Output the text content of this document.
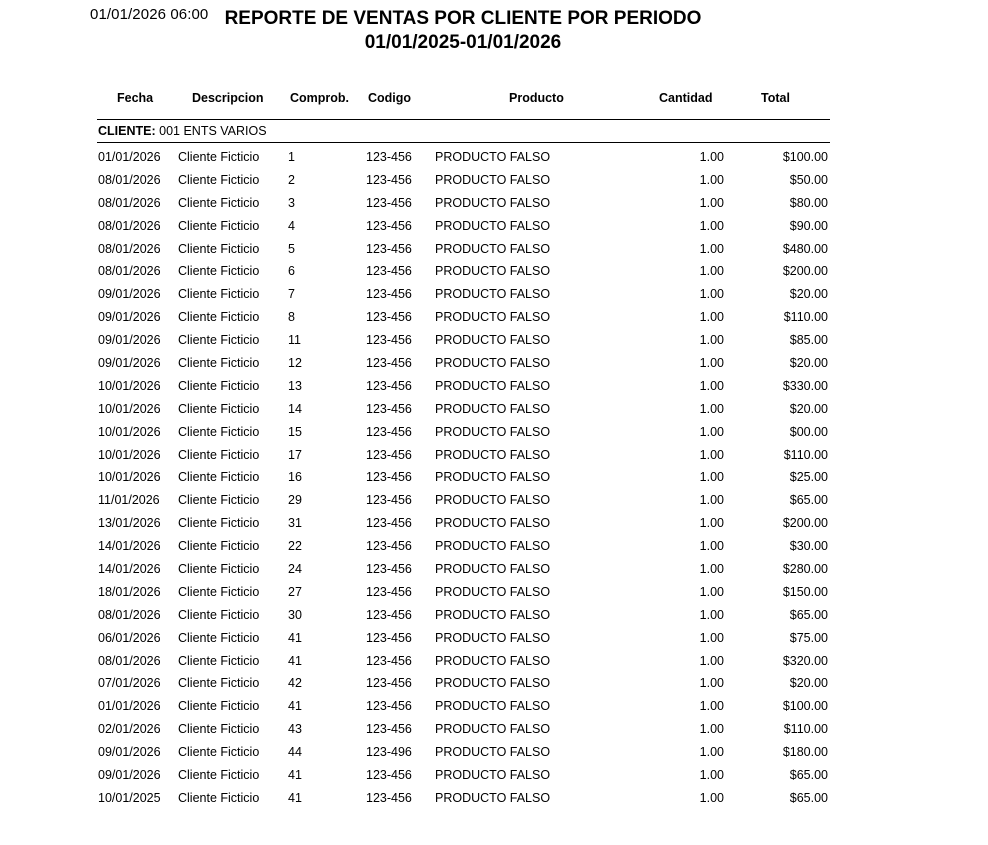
01/01/2026 06:00 REPORTE DE VENTAS POR CLIENTE POR PERIODO
01/01/2025-01/01/2026
Fecha	Descripcion Comprob. Codigo	Producto	Cantidad	Total
CLIENTE: 001 ENTS VARIOS
01/01/2026 Cliente Ficticio 1	123-456 PRODUCTO FALSO	1.00	$100.00
08/01/2026 Cliente Ficticio 2	123-456 PRODUCTO FALSO	1.00	$50.00
08/01/2026 Cliente Ficticio 3	123-456 PRODUCTO FALSO	1.00	$80.00
08/01/2026 Cliente Ficticio 4	123-456 PRODUCTO FALSO	1.00	$90.00
08/01/2026 Cliente Ficticio 5	123-456 PRODUCTO FALSO	1.00	$480.00
08/01/2026 Cliente Ficticio 6	123-456 PRODUCTO FALSO	1.00	$200.00
09/01/2026 Cliente Ficticio 7	123-456 PRODUCTO FALSO	1.00	$20.00
09/01/2026 Cliente Ficticio 8	123-456 PRODUCTO FALSO	1.00	$110.00
09/01/2026 Cliente Ficticio 11	123-456 PRODUCTO FALSO	1.00	$85.00
09/01/2026 Cliente Ficticio 12	123-456 PRODUCTO FALSO	1.00	$20.00
10/01/2026 Cliente Ficticio 13	123-456 PRODUCTO FALSO	1.00	$330.00
10/01/2026 Cliente Ficticio 14	123-456 PRODUCTO FALSO	1.00	$20.00
10/01/2026 Cliente Ficticio 15	123-456 PRODUCTO FALSO	1.00	$00.00
10/01/2026 Cliente Ficticio 17	123-456 PRODUCTO FALSO	1.00	$110.00
10/01/2026 Cliente Ficticio 16	123-456 PRODUCTO FALSO	1.00	$25.00
11/01/2026 Cliente Ficticio 29	123-456 PRODUCTO FALSO	1.00	$65.00
13/01/2026 Cliente Ficticio 31	123-456 PRODUCTO FALSO	1.00	$200.00
14/01/2026 Cliente Ficticio 22	123-456 PRODUCTO FALSO	1.00	$30.00
14/01/2026 Cliente Ficticio 24	123-456 PRODUCTO FALSO	1.00	$280.00
18/01/2026 Cliente Ficticio 27	123-456 PRODUCTO FALSO	1.00	$150.00
08/01/2026 Cliente Ficticio 30	123-456 PRODUCTO FALSO	1.00	$65.00
06/01/2026 Cliente Ficticio 41	123-456 PRODUCTO FALSO	1.00	$75.00
08/01/2026 Cliente Ficticio 41	123-456 PRODUCTO FALSO	1.00	$320.00
07/01/2026 Cliente Ficticio 42	123-456 PRODUCTO FALSO	1.00	$20.00
01/01/2026 Cliente Ficticio 41	123-456 PRODUCTO FALSO	1.00	$100.00
02/01/2026 Cliente Ficticio 43	123-456 PRODUCTO FALSO	1.00	$110.00
09/01/2026 Cliente Ficticio 44	123-496 PRODUCTO FALSO	1.00	$180.00
09/01/2026 Cliente Ficticio 41	123-456 PRODUCTO FALSO	1.00	$65.00
10/01/2025 Cliente Ficticio 41	123-456 PRODUCTO FALSO	1.00	$65.00
